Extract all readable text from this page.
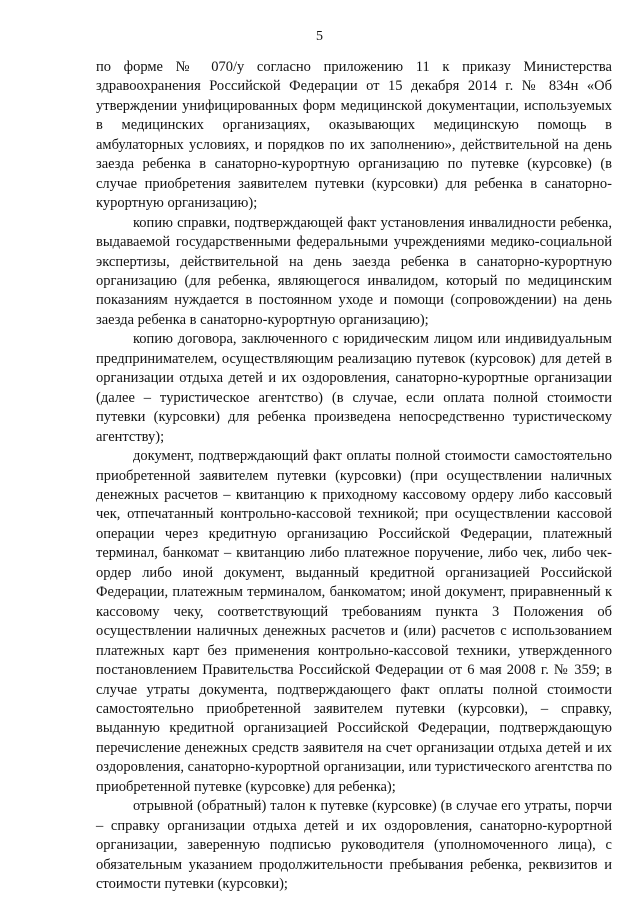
5

по форме № 070/у согласно приложению 11 к приказу Министерства здравоохранения Российской Федерации от 15 декабря 2014 г. № 834н «Об утверждении унифицированных форм медицинской документации, используемых в медицинских организациях, оказывающих медицинскую помощь в амбулаторных условиях, и порядков по их заполнению», действительной на день заезда ребенка в санаторно-курортную организацию по путевке (курсовке) (в случае приобретения заявителем путевки (курсовки) для ребенка в санаторно-курортную организацию);

копию справки, подтверждающей факт установления инвалидности ребенка, выдаваемой государственными федеральными учреждениями медико-социальной экспертизы, действительной на день заезда ребенка в санаторно-курортную организацию (для ребенка, являющегося инвалидом, который по медицинским показаниям нуждается в постоянном уходе и помощи (сопровождении) на день заезда ребенка в санаторно-курортную организацию);

копию договора, заключенного с юридическим лицом или индивидуальным предпринимателем, осуществляющим реализацию путевок (курсовок) для детей в организации отдыха детей и их оздоровления, санаторно-курортные организации (далее – туристическое агентство) (в случае, если оплата полной стоимости путевки (курсовки) для ребенка произведена непосредственно туристическому агентству);

документ, подтверждающий факт оплаты полной стоимости самостоятельно приобретенной заявителем путевки (курсовки) (при осуществлении наличных денежных расчетов – квитанцию к приходному кассовому ордеру либо кассовый чек, отпечатанный контрольно-кассовой техникой; при осуществлении кассовой операции через кредитную организацию Российской Федерации, платежный терминал, банкомат – квитанцию либо платежное поручение, либо чек, либо чек-ордер либо иной документ, выданный кредитной организацией Российской Федерации, платежным терминалом, банкоматом; иной документ, приравненный к кассовому чеку, соответствующий требованиям пункта 3 Положения об осуществлении наличных денежных расчетов и (или) расчетов с использованием платежных карт без применения контрольно-кассовой техники, утвержденного постановлением Правительства Российской Федерации от 6 мая 2008 г. № 359; в случае утраты документа, подтверждающего факт оплаты полной стоимости самостоятельно приобретенной заявителем путевки (курсовки), – справку, выданную кредитной организацией Российской Федерации, подтверждающую перечисление денежных средств заявителя на счет организации отдыха детей и их оздоровления, санаторно-курортной организации, или туристического агентства по приобретенной путевке (курсовке) для ребенка);

отрывной (обратный) талон к путевке (курсовке) (в случае его утраты, порчи – справку организации отдыха детей и их оздоровления, санаторно-курортной организации, заверенную подписью руководителя (уполномоченного лица), с обязательным указанием продолжительности пребывания ребенка, реквизитов и стоимости путевки (курсовки);
